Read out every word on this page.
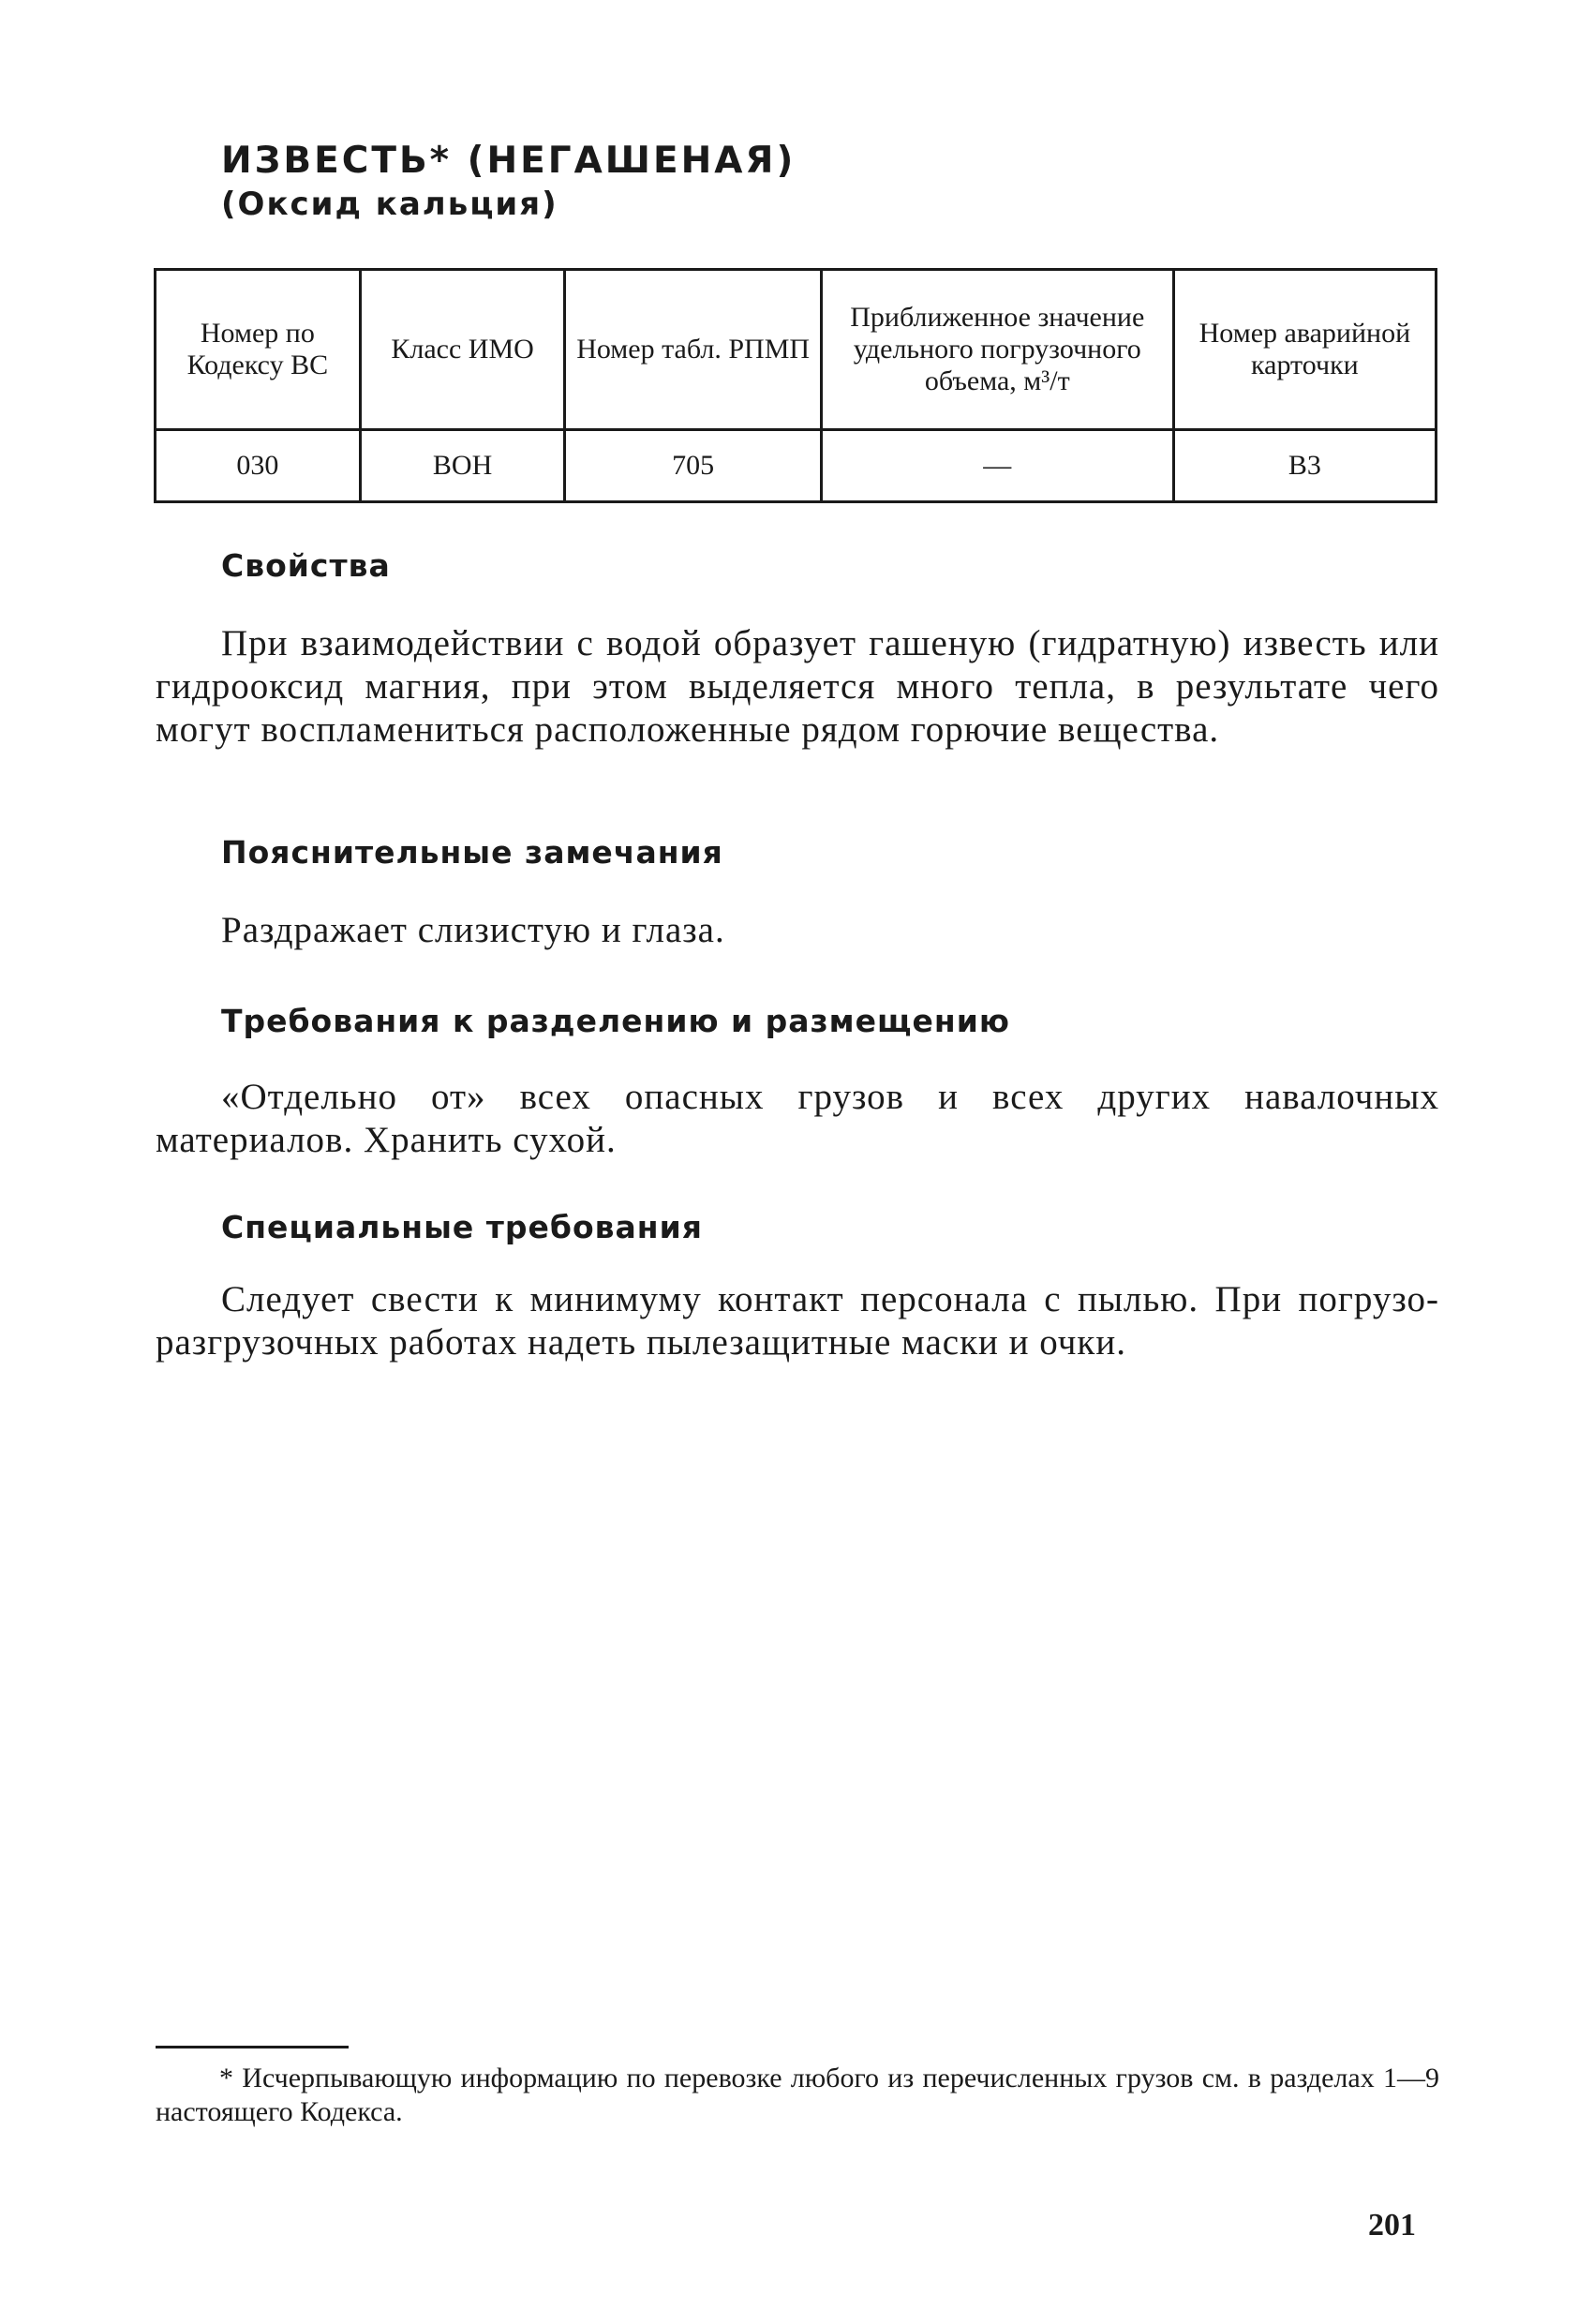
ИЗВЕСТЬ* (НЕГАШЕНАЯ)
(Оксид кальция)
Номер по Кодексу ВС	Класс ИМО	Номер табл. РПМП	Приближенное значение удельного погрузочного объема, м³/т	Номер аварийной карточки
030	ВОН	705	—	В3
Свойства
При взаимодействии с водой образует гашеную (гидратную) известь или гидрооксид магния, при этом выделяется много тепла, в результате чего могут воспламениться расположенные рядом горючие вещества.
Пояснительные замечания
Раздражает слизистую и глаза.
Требования к разделению и размещению
«Отдельно от» всех опасных грузов и всех других навалочных материалов. Хранить сухой.
Специальные требования
Следует свести к минимуму контакт персонала с пылью. При погрузо-разгрузочных работах надеть пылезащитные маски и очки.
* Исчерпывающую информацию по перевозке любого из перечисленных грузов см. в разделах 1—9 настоящего Кодекса.
201
